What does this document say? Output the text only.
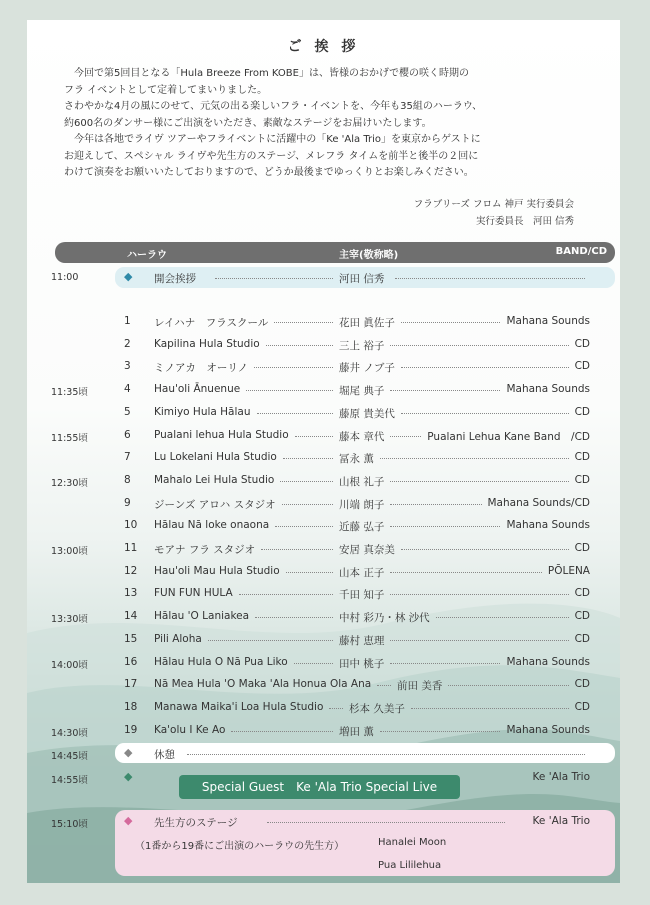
ご 挨 拶

今回で第5回目となる「Hula Breeze From KOBE」は、皆様のおかげで櫻の咲く時期の

フラ イベントとして定着してまいりました。

さわやかな4月の風にのせて、元気の出る楽しいフラ・イベントを、今年も35組のハーラウ、

約600名のダンサー様にご出演をいただき、素敵なステージをお届けいたします。

今年は各地でライヴ ツアーやフライベントに活躍中の「Ke 'Ala Trio」を東京からゲストに

お迎えして、スペシャル ライヴや先生方のステージ、メレフラ タイムを前半と後半の２回に

わけて演奏をお願いいたしておりますので、どうか最後までゆっくりとお楽しみください。

フラブリーズ フロム 神戸 実行委員会

実行委員長　河田 信秀

ハーラウ	主宰(敬称略)	BAND/CD
11:00	◆ 開会挨拶	河田 信秀
1 レイハナ　フラスクール	花田 眞佐子	Mahana Sounds
2 Kapilina Hula Studio	三上 裕子	CD
3 ミノアカ　オーリノ	藤井 ノブ子	CD
11:35頃	4 Hau'oli Ānuenue	堀尾 典子	Mahana Sounds
5 Kimiyo Hula Hālau	藤原 貴美代	CD
11:55頃	6 Pualani lehua Hula Studio	藤本 章代	Pualani Lehua Kane Band　/CD
7 Lu Lokelani Hula Studio	冨永 薫	CD
12:30頃	8 Mahalo Lei Hula Studio	山根 礼子	CD
9 ジーンズ アロハ スタジオ	川端 朗子	Mahana Sounds/CD
10 Hālau Nā loke onaona	近藤 弘子	Mahana Sounds
13:00頃	11 モアナ フラ スタジオ	安居 真奈美	CD
12 Hau'oli Mau Hula Studio	山本 正子	PŌLENA
13 FUN FUN HULA	千田 知子	CD
13:30頃	14 Hālau 'O Laniakea	中村 彩乃・林 沙代	CD
15 Pili Aloha	藤村 恵理	CD
14:00頃	16 Hālau Hula O Nā Pua Liko	田中 桃子	Mahana Sounds
17 Nā Mea Hula 'O Maka 'Ala Honua Ola Ana 前田 美香	CD
18 Manawa Maika'i Loa Hula Studio 杉本 久美子	CD
14:30頃	19 Ka'olu I Ke Ao	増田 薫	Mahana Sounds
14:45頃	◆ 休憩
14:55頃	◆	Ke 'Ala Trio
Special Guest　Ke 'Ala Trio Special Live
15:10頃	◆ 先生方のステージ	Ke 'Ala Trio
（1番から19番にご出演のハーラウの先生方）	Hanalei Moon
Pua Lililehua
